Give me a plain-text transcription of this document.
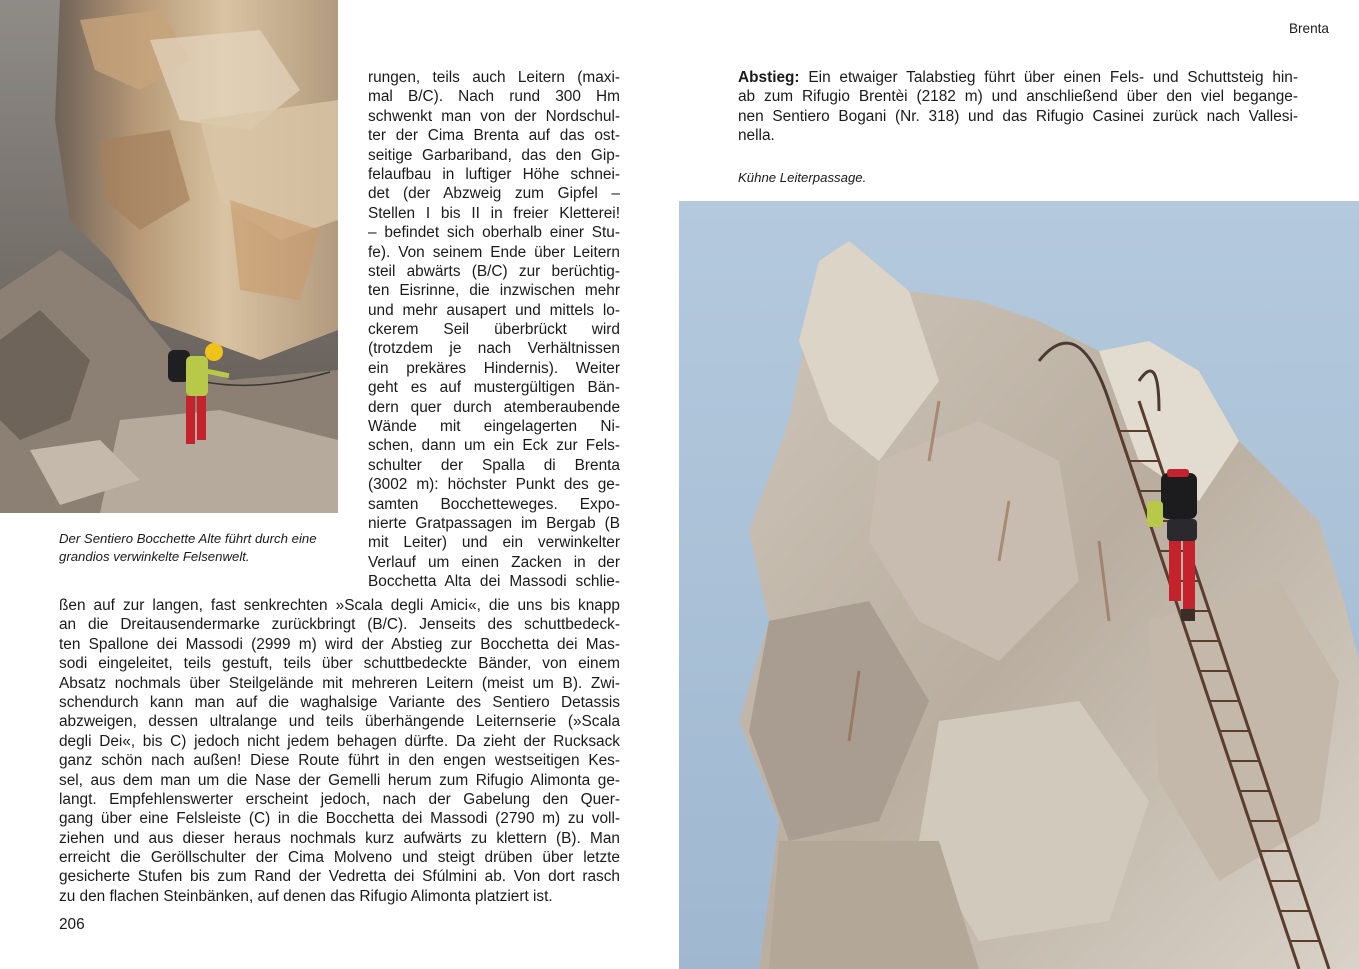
Der Sentiero Bocchette Alte führt durch eine
grandios verwinkelte Felsenwelt.
rungen, teils auch Leitern (maxi-
mal B/C). Nach rund 300 Hm
schwenkt man von der Nordschul-
ter der Cima Brenta auf das ost-
seitige Garbariband, das den Gip-
felaufbau in luftiger Höhe schnei-
det (der Abzweig zum Gipfel –
Stellen I bis II in freier Kletterei!
– befindet sich oberhalb einer Stu-
fe). Von seinem Ende über Leitern
steil abwärts (B/C) zur berüchtig-
ten Eisrinne, die inzwischen mehr
und mehr ausapert und mittels lo-
ckerem Seil überbrückt wird
(trotzdem je nach Verhältnissen
ein prekäres Hindernis). Weiter
geht es auf mustergültigen Bän-
dern quer durch atemberaubende
Wände mit eingelagerten Ni-
schen, dann um ein Eck zur Fels-
schulter der Spalla di Brenta
(3002 m): höchster Punkt des ge-
samten Bocchetteweges. Expo-
nierte Gratpassagen im Bergab (B
mit Leiter) und ein verwinkelter
Verlauf um einen Zacken in der
Bocchetta Alta dei Massodi schlie-
ßen auf zur langen, fast senkrechten »Scala degli Amici«, die uns bis knapp
an die Dreitausendermarke zurückbringt (B/C). Jenseits des schuttbedeck-
ten Spallone dei Massodi (2999 m) wird der Abstieg zur Bocchetta dei Mas-
sodi eingeleitet, teils gestuft, teils über schuttbedeckte Bänder, von einem
Absatz nochmals über Steilgelände mit mehreren Leitern (meist um B). Zwi-
schendurch kann man auf die waghalsige Variante des Sentiero Detassis
abzweigen, dessen ultralange und teils überhängende Leiternserie (»Scala
degli Dei«, bis C) jedoch nicht jedem behagen dürfte. Da zieht der Rucksack
ganz schön nach außen! Diese Route führt in den engen westseitigen Kes-
sel, aus dem man um die Nase der Gemelli herum zum Rifugio Alimonta ge-
langt. Empfehlenswerter erscheint jedoch, nach der Gabelung den Quer-
gang über eine Felsleiste (C) in die Bocchetta dei Massodi (2790 m) zu voll-
ziehen und aus dieser heraus nochmals kurz aufwärts zu klettern (B). Man
erreicht die Geröllschulter der Cima Molveno und steigt drüben über letzte
gesicherte Stufen bis zum Rand der Vedretta dei Sfúlmini ab. Von dort rasch
zu den flachen Steinbänken, auf denen das Rifugio Alimonta platziert ist.
206
Brenta
Abstieg: Ein etwaiger Talabstieg führt über einen Fels- und Schuttsteig hin-
ab zum Rifugio Brentèi (2182 m) und anschließend über den viel begange-
nen Sentiero Bogani (Nr. 318) und das Rifugio Casinei zurück nach Vallesi-
nella.
Kühne Leiterpassage.
